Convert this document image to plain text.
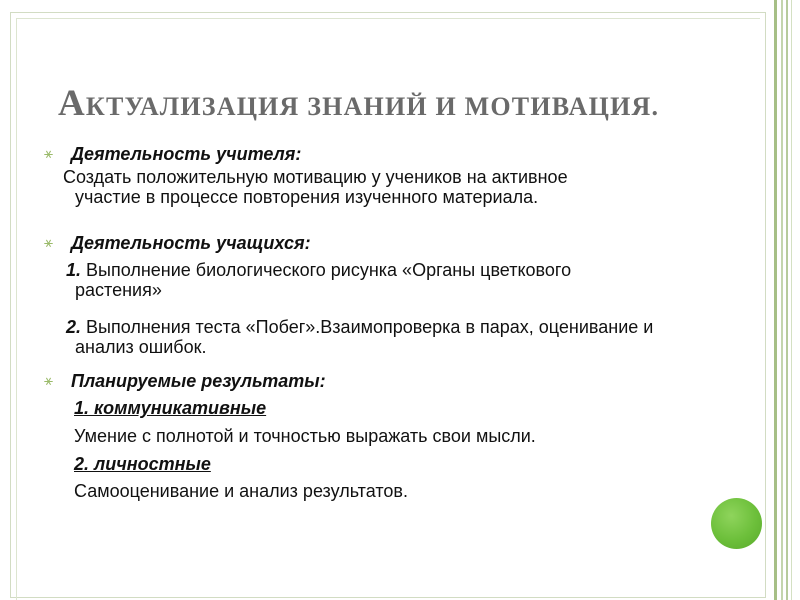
АКТУАЛИЗАЦИЯ ЗНАНИЙ И МОТИВАЦИЯ.
⚹ Деятельность учителя:
Создать положительную мотивацию у учеников на активное участие в процессе повторения изученного материала.
⚹ Деятельность учащихся:
1. Выполнение биологического рисунка «Органы цветкового растения»
2. Выполнения теста «Побег».Взаимопроверка в парах, оценивание и анализ ошибок.
⚹ Планируемые результаты:
1. коммуникативные
Умение с полнотой и точностью выражать свои мысли.
2. личностные
Самооценивание и анализ результатов.
